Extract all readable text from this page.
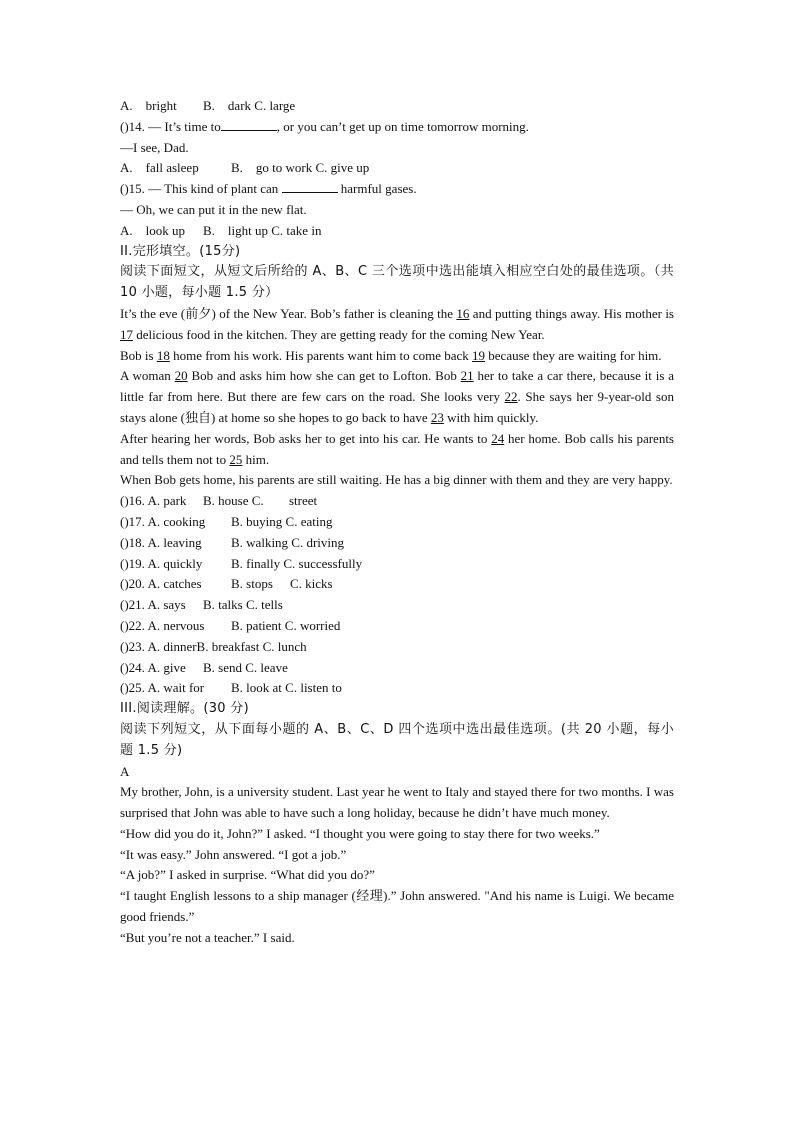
A. bright B. dark C. large
()14. — It’s time to	, or you can’t get up on time tomorrow morning.
—I see, Dad.
A. fall asleep B. go to work C. give up
()15. — This kind of plant can	harmful gases.
— Oh, we can put it in the new flat.
A. look up B. light up C. take in
II.完形填空。(15分)
阅读下面短文，从短文后所给的 A、B、C 三个选项中选出能填入相应空白处的最佳选项。（共 10 小题，每小题 1.5 分）
It’s the eve (前夕) of the New Year. Bob’s father is cleaning the 16 and putting things away. His mother is 17 delicious food in the kitchen. They are getting ready for the coming New Year.
Bob is 18 home from his work. His parents want him to come back 19 because they are waiting for him.
A woman 20 Bob and asks him how she can get to Lofton. Bob 21 her to take a car there, because it is a little far from here. But there are few cars on the road. She looks very 22. She says her 9-year-old son stays alone (独自) at home so she hopes to go back to have 23 with him quickly.
After hearing her words, Bob asks her to get into his car. He wants to 24 her home. Bob calls his parents and tells them not to 25 him.
When Bob gets home, his parents are still waiting. He has a big dinner with them and they are very happy.
()16. A. park B. house C. street
()17. A. cooking B. buying C. eating
()18. A. leaving B. walking C. driving
()19. A. quickly B. finally C. successfully
()20. A. catches B. stops C. kicks
()21. A. says B. talks C. tells
()22. A. nervous B. patient C. worried
()23. A. dinnerB. breakfast C. lunch
()24. A. give B. send C. leave
()25. A. wait for B. look at C. listen to
III.阅读理解。(30 分)
阅读下列短文，从下面每小题的 A、B、C、D 四个选项中选出最佳选项。(共 20 小题，每小题 1.5 分)
A
My brother, John, is a university student. Last year he went to Italy and stayed there for two months. I was surprised that John was able to have such a long holiday, because he didn’t have much money.
“How did you do it, John?” I asked. “I thought you were going to stay there for two weeks.”
“It was easy.” John answered. “I got a job.”
“A job?” I asked in surprise. “What did you do?”
“I taught English lessons to a ship manager (经理).” John answered. "And his name is Luigi. We became good friends.”
“But you’re not a teacher.” I said.
